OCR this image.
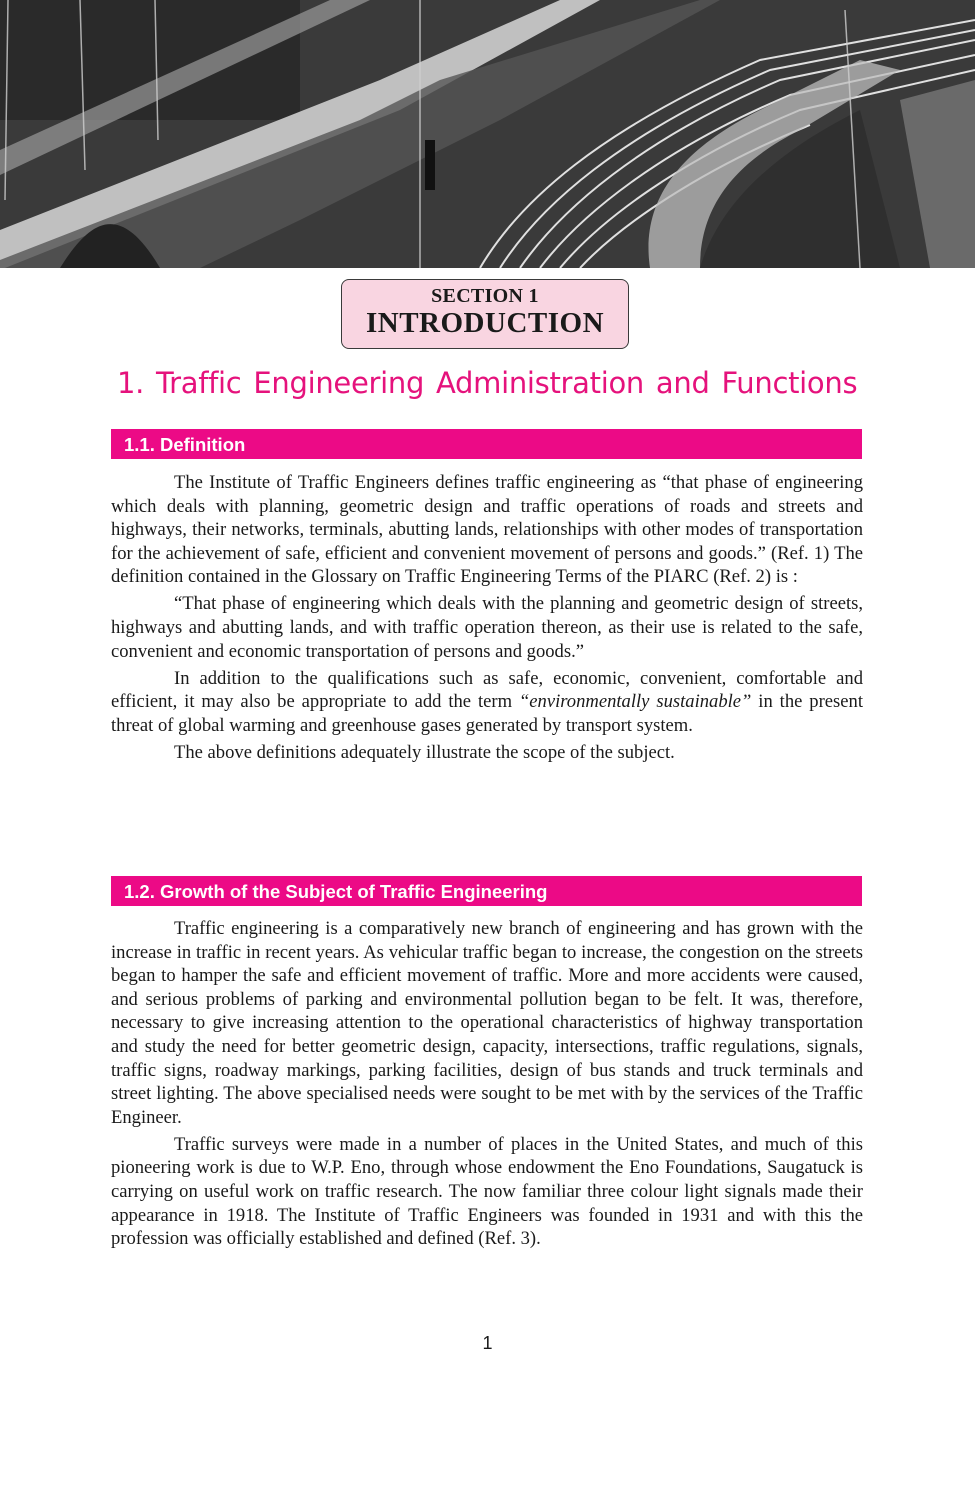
SECTION 1
INTRODUCTION
1. Traffic Engineering Administration and Functions
1.1. Definition

The Institute of Traffic Engineers defines traffic engineering as “that phase of engineering which deals with planning, geometric design and traffic operations of roads and streets and highways, their networks, terminals, abutting lands, relationships with other modes of transportation for the achievement of safe, efficient and convenient movement of persons and goods.” (Ref. 1) The definition contained in the Glossary on Traffic Engineering Terms of the PIARC (Ref. 2) is :

“That phase of engineering which deals with the planning and geometric design of streets, highways and abutting lands, and with traffic operation thereon, as their use is related to the safe, convenient and economic transportation of persons and goods.”

In addition to the qualifications such as safe, economic, convenient, comfortable and efficient, it may also be appropriate to add the term “environmentally sustainable” in the present threat of global warming and greenhouse gases generated by transport system.

The above definitions adequately illustrate the scope of the subject.

1.2. Growth of the Subject of Traffic Engineering

Traffic engineering is a comparatively new branch of engineering and has grown with the increase in traffic in recent years. As vehicular traffic began to increase, the congestion on the streets began to hamper the safe and efficient movement of traffic. More and more accidents were caused, and serious problems of parking and environmental pollution began to be felt. It was, therefore, necessary to give increasing attention to the operational characteristics of highway transportation and study the need for better geometric design, capacity, intersections, traffic regulations, signals, traffic signs, roadway markings, parking facilities, design of bus stands and truck terminals and street lighting. The above specialised needs were sought to be met with by the services of the Traffic Engineer.

Traffic surveys were made in a number of places in the United States, and much of this pioneering work is due to W.P. Eno, through whose endowment the Eno Foundations, Saugatuck is carrying on useful work on traffic research. The now familiar three colour light signals made their appearance in 1918. The Institute of Traffic Engineers was founded in 1931 and with this the profession was officially established and defined (Ref. 3).

1
